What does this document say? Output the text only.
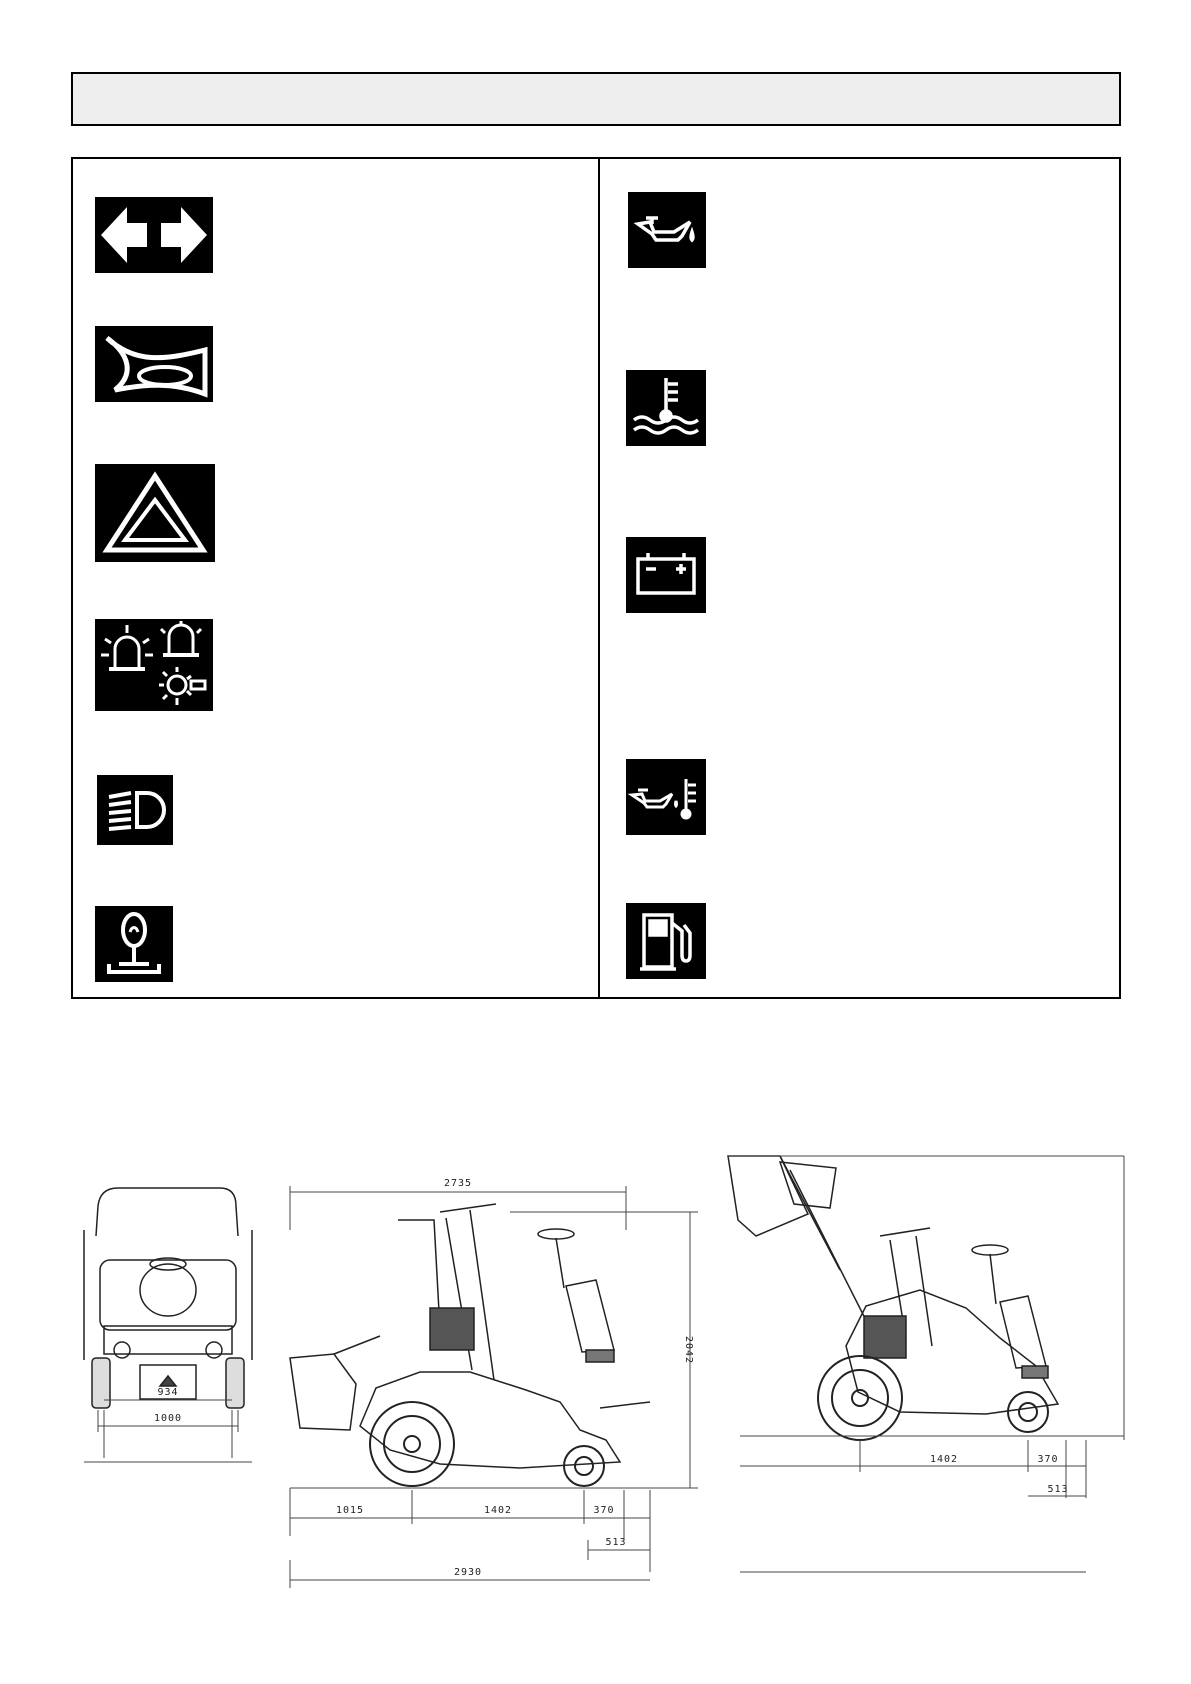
934
1000
2735
2042
1015	1402	370
513
2930
1402	370
513
